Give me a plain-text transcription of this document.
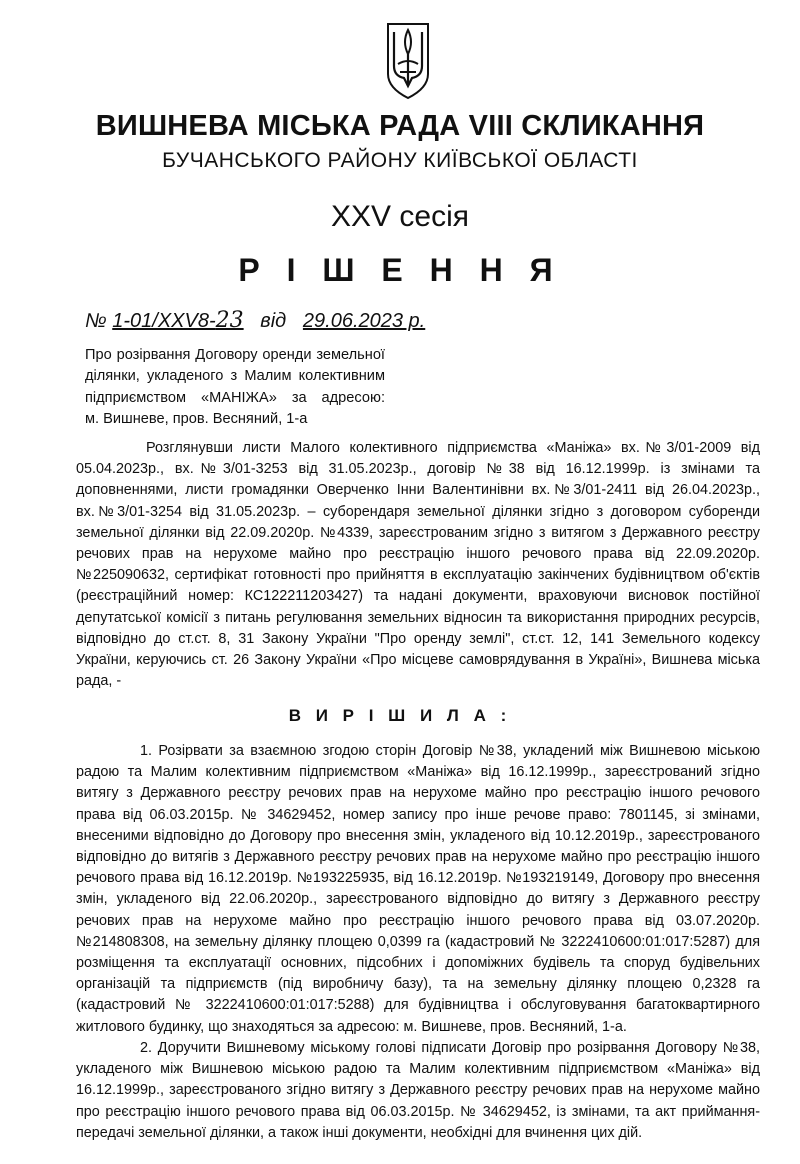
ВИШНЕВА МІСЬКА РАДА VIII СКЛИКАННЯ
БУЧАНСЬКОГО РАЙОНУ КИЇВСЬКОЇ ОБЛАСТІ
XXV сесія
Р І Ш Е Н Н Я
№ 1-01/XXV8-23 від 29.06.2023 р.
Про розірвання Договору оренди земельної
ділянки, укладеного з Малим колективним
підприємством «МАНІЖА» за адресою:
м. Вишневе, пров. Весняний, 1-а
Розглянувши листи Малого колективного підприємства «Маніжа» вх.№3/01-2009 від
05.04.2023р., вх.№3/01-3253 від 31.05.2023р., договір №38 від 16.12.1999р. із змінами та
доповненнями, листи громадянки Оверченко Інни Валентинівни вх.№3/01-2411 від 26.04.2023р.,
вх.№3/01-3254 від 31.05.2023р. – суборендаря земельної ділянки згідно з договором суборенди
земельної ділянки від 22.09.2020р. №4339, зареєстрованим згідно з витягом з Державного реєстру
речових прав на нерухоме майно про реєстрацію іншого речового права від 22.09.2020р.
№225090632, сертифікат готовності про прийняття в експлуатацію закінчених будівництвом об'єктів
(реєстраційний номер: КС122211203427) та надані документи, враховуючи висновок постійної
депутатської комісії з питань регулювання земельних відносин та використання природних ресурсів,
відповідно до ст.ст. 8, 31 Закону України "Про оренду землі", ст.ст. 12, 141 Земельного кодексу
України, керуючись ст. 26 Закону України «Про місцеве самоврядування в Україні», Вишнева міська
рада, -
В И Р І Ш И Л А :
1. Розірвати за взаємною згодою сторін Договір №38, укладений між Вишневою міською
радою та Малим колективним підприємством «Маніжа» від 16.12.1999р., зареєстрований згідно
витягу з Державного реєстру речових прав на нерухоме майно про реєстрацію іншого речового
права від 06.03.2015р. № 34629452, номер запису про інше речове право: 7801145, зі змінами,
внесеними відповідно до Договору про внесення змін, укладеного від 10.12.2019р., зареєстрованого
відповідно до витягів з Державного реєстру речових прав на нерухоме майно про реєстрацію іншого
речового права від 16.12.2019р. №193225935, від 16.12.2019р. №193219149, Договору про внесення
змін, укладеного від 22.06.2020р., зареєстрованого відповідно до витягу з Державного реєстру
речових прав на нерухоме майно про реєстрацію іншого речового права від 03.07.2020р.
№214808308, на земельну ділянку площею 0,0399 га (кадастровий № 3222410600:01:017:5287) для
розміщення та експлуатації основних, підсобних і допоміжних будівель та споруд будівельних
організацій та підприємств (під виробничу базу), та на земельну ділянку площею 0,2328 га
(кадастровий № 3222410600:01:017:5288) для будівництва і обслуговування багатоквартирного
житлового будинку, що знаходяться за адресою: м. Вишневе, пров. Весняний, 1-а.
2. Доручити Вишневому міському голові підписати Договір про розірвання Договору №38,
укладеного між Вишневою міською радою та Малим колективним підприємством «Маніжа» від
16.12.1999р., зареєстрованого згідно витягу з Державного реєстру речових прав на нерухоме майно
про реєстрацію іншого речового права від 06.03.2015р. № 34629452, із змінами, та акт приймання-
передачі земельної ділянки, а також інші документи, необхідні для вчинення цих дій.
